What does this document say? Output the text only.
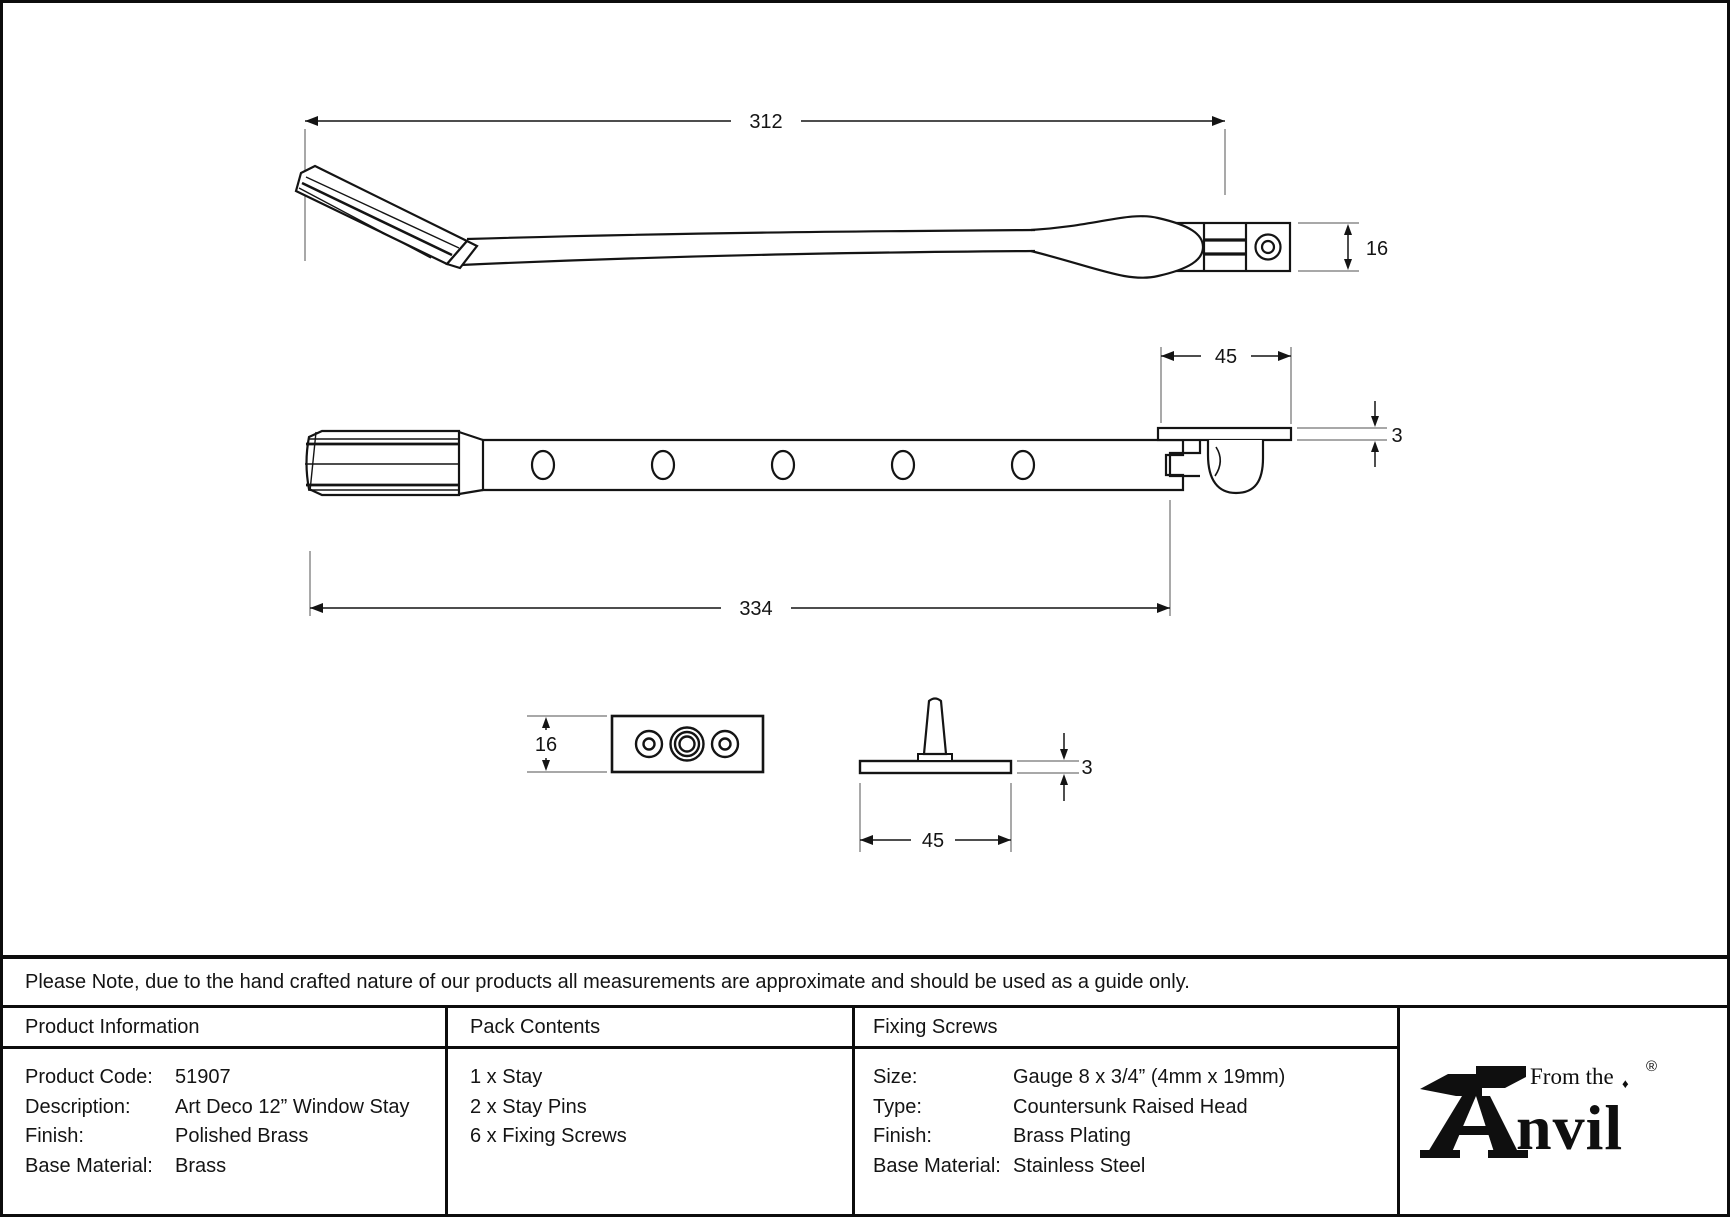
312
16
45
3
334
16
45
3
Please Note, due to the hand crafted nature of our products all measurements are approximate and should be used as a guide only.
Product Information
Product Code: 51907
Description: Art Deco 12” Window Stay
Finish:	Polished Brass
Base Material: Brass
Pack Contents
1 x Stay
2 x Stay Pins
6 x Fixing Screws
Fixing Screws
Size:	Gauge 8 x 3/4” (4mm x 19mm)
Type:	Countersunk Raised Head
Finish:	Brass Plating
Base Material: Stainless Steel
nvil
From the ♦
®
